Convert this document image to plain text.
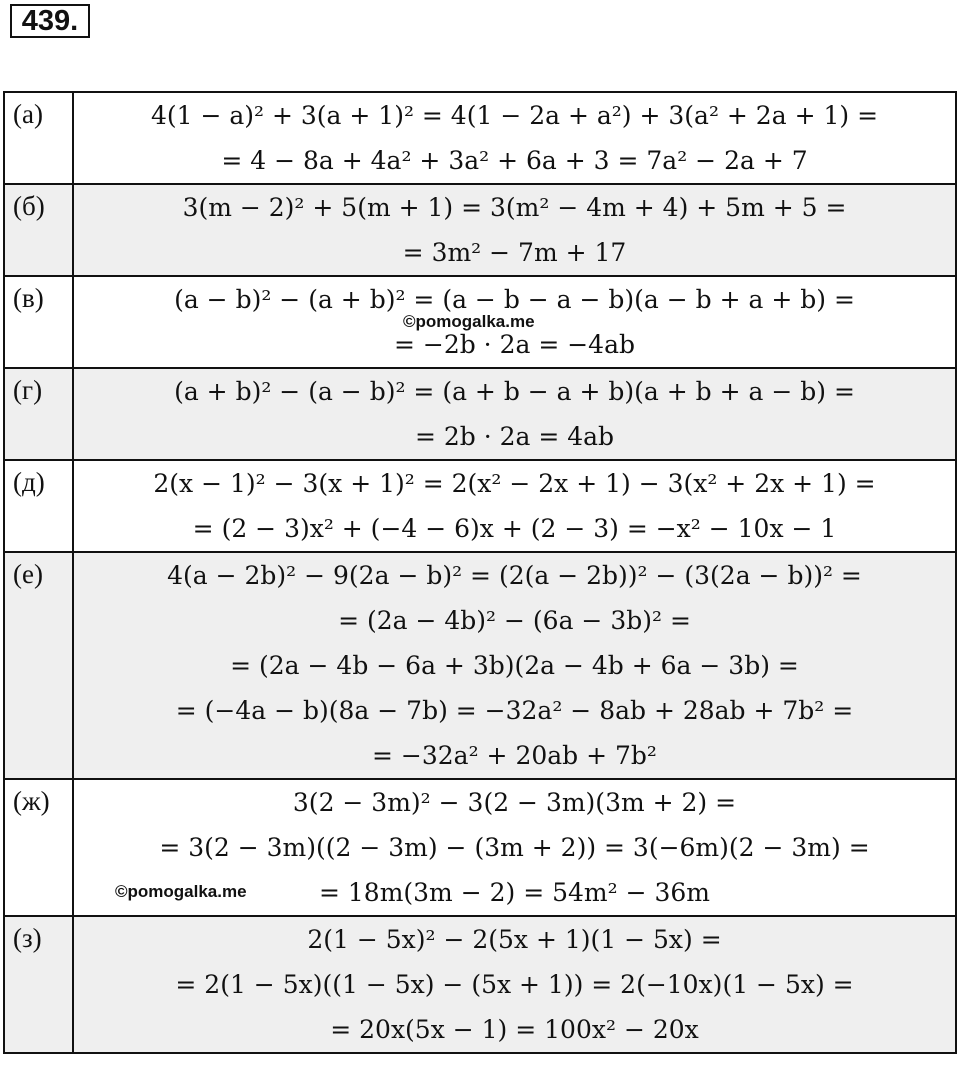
439.
(а)	4(1 − a)² + 3(a + 1)² = 4(1 − 2a + a²) + 3(a² + 2a + 1) =
= 4 − 8a + 4a² + 3a² + 6a + 3 = 7a² − 2a + 7

(б)	3(m − 2)² + 5(m + 1) = 3(m² − 4m + 4) + 5m + 5 =
= 3m² − 7m + 17

(в)	(a − b)² − (a + b)² = (a − b − a − b)(a − b + a + b) =
= −2b · 2a = −4ab

(г)	(a + b)² − (a − b)² = (a + b − a + b)(a + b + a − b) =
= 2b · 2a = 4ab

(д)	2(x − 1)² − 3(x + 1)² = 2(x² − 2x + 1) − 3(x² + 2x + 1) =
= (2 − 3)x² + (−4 − 6)x + (2 − 3) = −x² − 10x − 1

(е)	4(a − 2b)² − 9(2a − b)² = (2(a − 2b))² − (3(2a − b))² =
= (2a − 4b)² − (6a − 3b)² =
= (2a − 4b − 6a + 3b)(2a − 4b + 6a − 3b) =
= (−4a − b)(8a − 7b) = −32a² − 8ab + 28ab + 7b² =
= −32a² + 20ab + 7b²

(ж)	3(2 − 3m)² − 3(2 − 3m)(3m + 2) =
= 3(2 − 3m)((2 − 3m) − (3m + 2)) = 3(−6m)(2 − 3m) =
= 18m(3m − 2) = 54m² − 36m

(з)	2(1 − 5x)² − 2(5x + 1)(1 − 5x) =
= 2(1 − 5x)((1 − 5x) − (5x + 1)) = 2(−10x)(1 − 5x) =
= 20x(5x − 1) = 100x² − 20x
©pomogalka.me
©pomogalka.me
